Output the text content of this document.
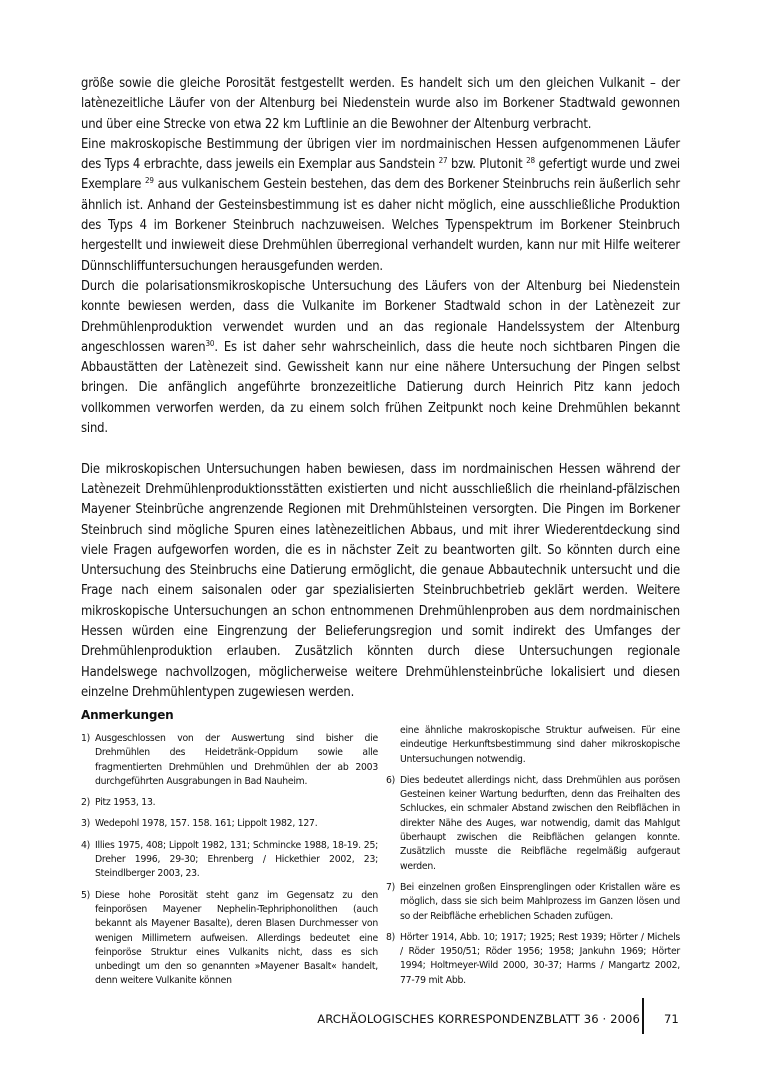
größe sowie die gleiche Porosität festgestellt werden. Es handelt sich um den gleichen Vulkanit – der latènezeitliche Läufer von der Altenburg bei Niedenstein wurde also im Borkener Stadtwald gewonnen und über eine Strecke von etwa 22 km Luftlinie an die Bewohner der Altenburg verbracht.

Eine makroskopische Bestimmung der übrigen vier im nordmainischen Hessen aufgenommenen Läufer des Typs 4 erbrachte, dass jeweils ein Exemplar aus Sandstein $^{27}$ bzw. Plutonit $^{28}$ gefertigt wurde und zwei Exemplare $^{29}$ aus vulkanischem Gestein bestehen, das dem des Borkener Steinbruchs rein äußerlich sehr ähnlich ist. Anhand der Gesteinsbestimmung ist es daher nicht möglich, eine ausschließliche Produktion des Typs 4 im Borkener Steinbruch nachzuweisen. Welches Typenspektrum im Borkener Steinbruch hergestellt und inwieweit diese Drehmühlen überregional verhandelt wurden, kann nur mit Hilfe weiterer Dünnschliffuntersuchungen herausgefunden werden.

Durch die polarisationsmikroskopische Untersuchung des Läufers von der Altenburg bei Niedenstein konnte bewiesen werden, dass die Vulkanite im Borkener Stadtwald schon in der Latènezeit zur Drehmühlenproduktion verwendet wurden und an das regionale Handelssystem der Altenburg angeschlossen waren$^{30}$. Es ist daher sehr wahrscheinlich, dass die heute noch sichtbaren Pingen die Abbaustätten der Latènezeit sind. Gewissheit kann nur eine nähere Untersuchung der Pingen selbst bringen. Die anfänglich angeführte bronzezeitliche Datierung durch Heinrich Pitz kann jedoch vollkommen verworfen werden, da zu einem solch frühen Zeitpunkt noch keine Drehmühlen bekannt sind.

Die mikroskopischen Untersuchungen haben bewiesen, dass im nordmainischen Hessen während der Latènezeit Drehmühlenproduktionsstätten existierten und nicht ausschließlich die rheinland-pfälzischen Mayener Steinbrüche angrenzende Regionen mit Drehmühlsteinen versorgten. Die Pingen im Borkener Steinbruch sind mögliche Spuren eines latènezeitlichen Abbaus, und mit ihrer Wiederentdeckung sind viele Fragen aufgeworfen worden, die es in nächster Zeit zu beantworten gilt. So könnten durch eine Untersuchung des Steinbruchs eine Datierung ermöglicht, die genaue Abbautechnik untersucht und die Frage nach einem saisonalen oder gar spezialisierten Steinbruchbetrieb geklärt werden. Weitere mikroskopische Untersuchungen an schon entnommenen Drehmühlenproben aus dem nordmainischen Hessen würden eine Eingrenzung der Belieferungsregion und somit indirekt des Umfanges der Drehmühlenproduktion erlauben. Zusätzlich könnten durch diese Untersuchungen regionale Handelswege nachvollzogen, möglicherweise weitere Drehmühlensteinbrüche lokalisiert und diesen einzelne Drehmühlentypen zugewiesen werden.

Anmerkungen
1) Ausgeschlossen von der Auswertung sind bisher die Drehmühlen des Heidetränk-Oppidum sowie alle fragmentierten Drehmühlen und Drehmühlen der ab 2003 durchgeführten Ausgrabungen in Bad Nauheim.
2) Pitz 1953, 13.
3) Wedepohl 1978, 157. 158. 161; Lippolt 1982, 127.
4) Illies 1975, 408; Lippolt 1982, 131; Schmincke 1988, 18-19. 25; Dreher 1996, 29-30; Ehrenberg / Hickethier 2002, 23; Steindlberger 2003, 23.
5) Diese hohe Porosität steht ganz im Gegensatz zu den feinporösen Mayener Nephelin-Tephriphonolithen (auch bekannt als Mayener Basalte), deren Blasen Durchmesser von wenigen Millimetern aufweisen. Allerdings bedeutet eine feinporöse Struktur eines Vulkanits nicht, dass es sich unbedingt um den so genannten »Mayener Basalt« handelt, denn weitere Vulkanite können
eine ähnliche makroskopische Struktur aufweisen. Für eine eindeutige Herkunftsbestimmung sind daher mikroskopische Untersuchungen notwendig.
6) Dies bedeutet allerdings nicht, dass Drehmühlen aus porösen Gesteinen keiner Wartung bedurften, denn das Freihalten des Schluckes, ein schmaler Abstand zwischen den Reibflächen in direkter Nähe des Auges, war notwendig, damit das Mahlgut überhaupt zwischen die Reibflächen gelangen konnte. Zusätzlich musste die Reibfläche regelmäßig aufgeraut werden.
7) Bei einzelnen großen Einsprenglingen oder Kristallen wäre es möglich, dass sie sich beim Mahlprozess im Ganzen lösen und so der Reibfläche erheblichen Schaden zufügen.
8) Hörter 1914, Abb. 10; 1917; 1925; Rest 1939; Hörter / Michels / Röder 1950/51; Röder 1956; 1958; Jankuhn 1969; Hörter 1994; Holtmeyer-Wild 2000, 30-37; Harms / Mangartz 2002, 77-79 mit Abb.
ARCHÄOLOGISCHES KORRESPONDENZBLATT 36 · 2006 71
